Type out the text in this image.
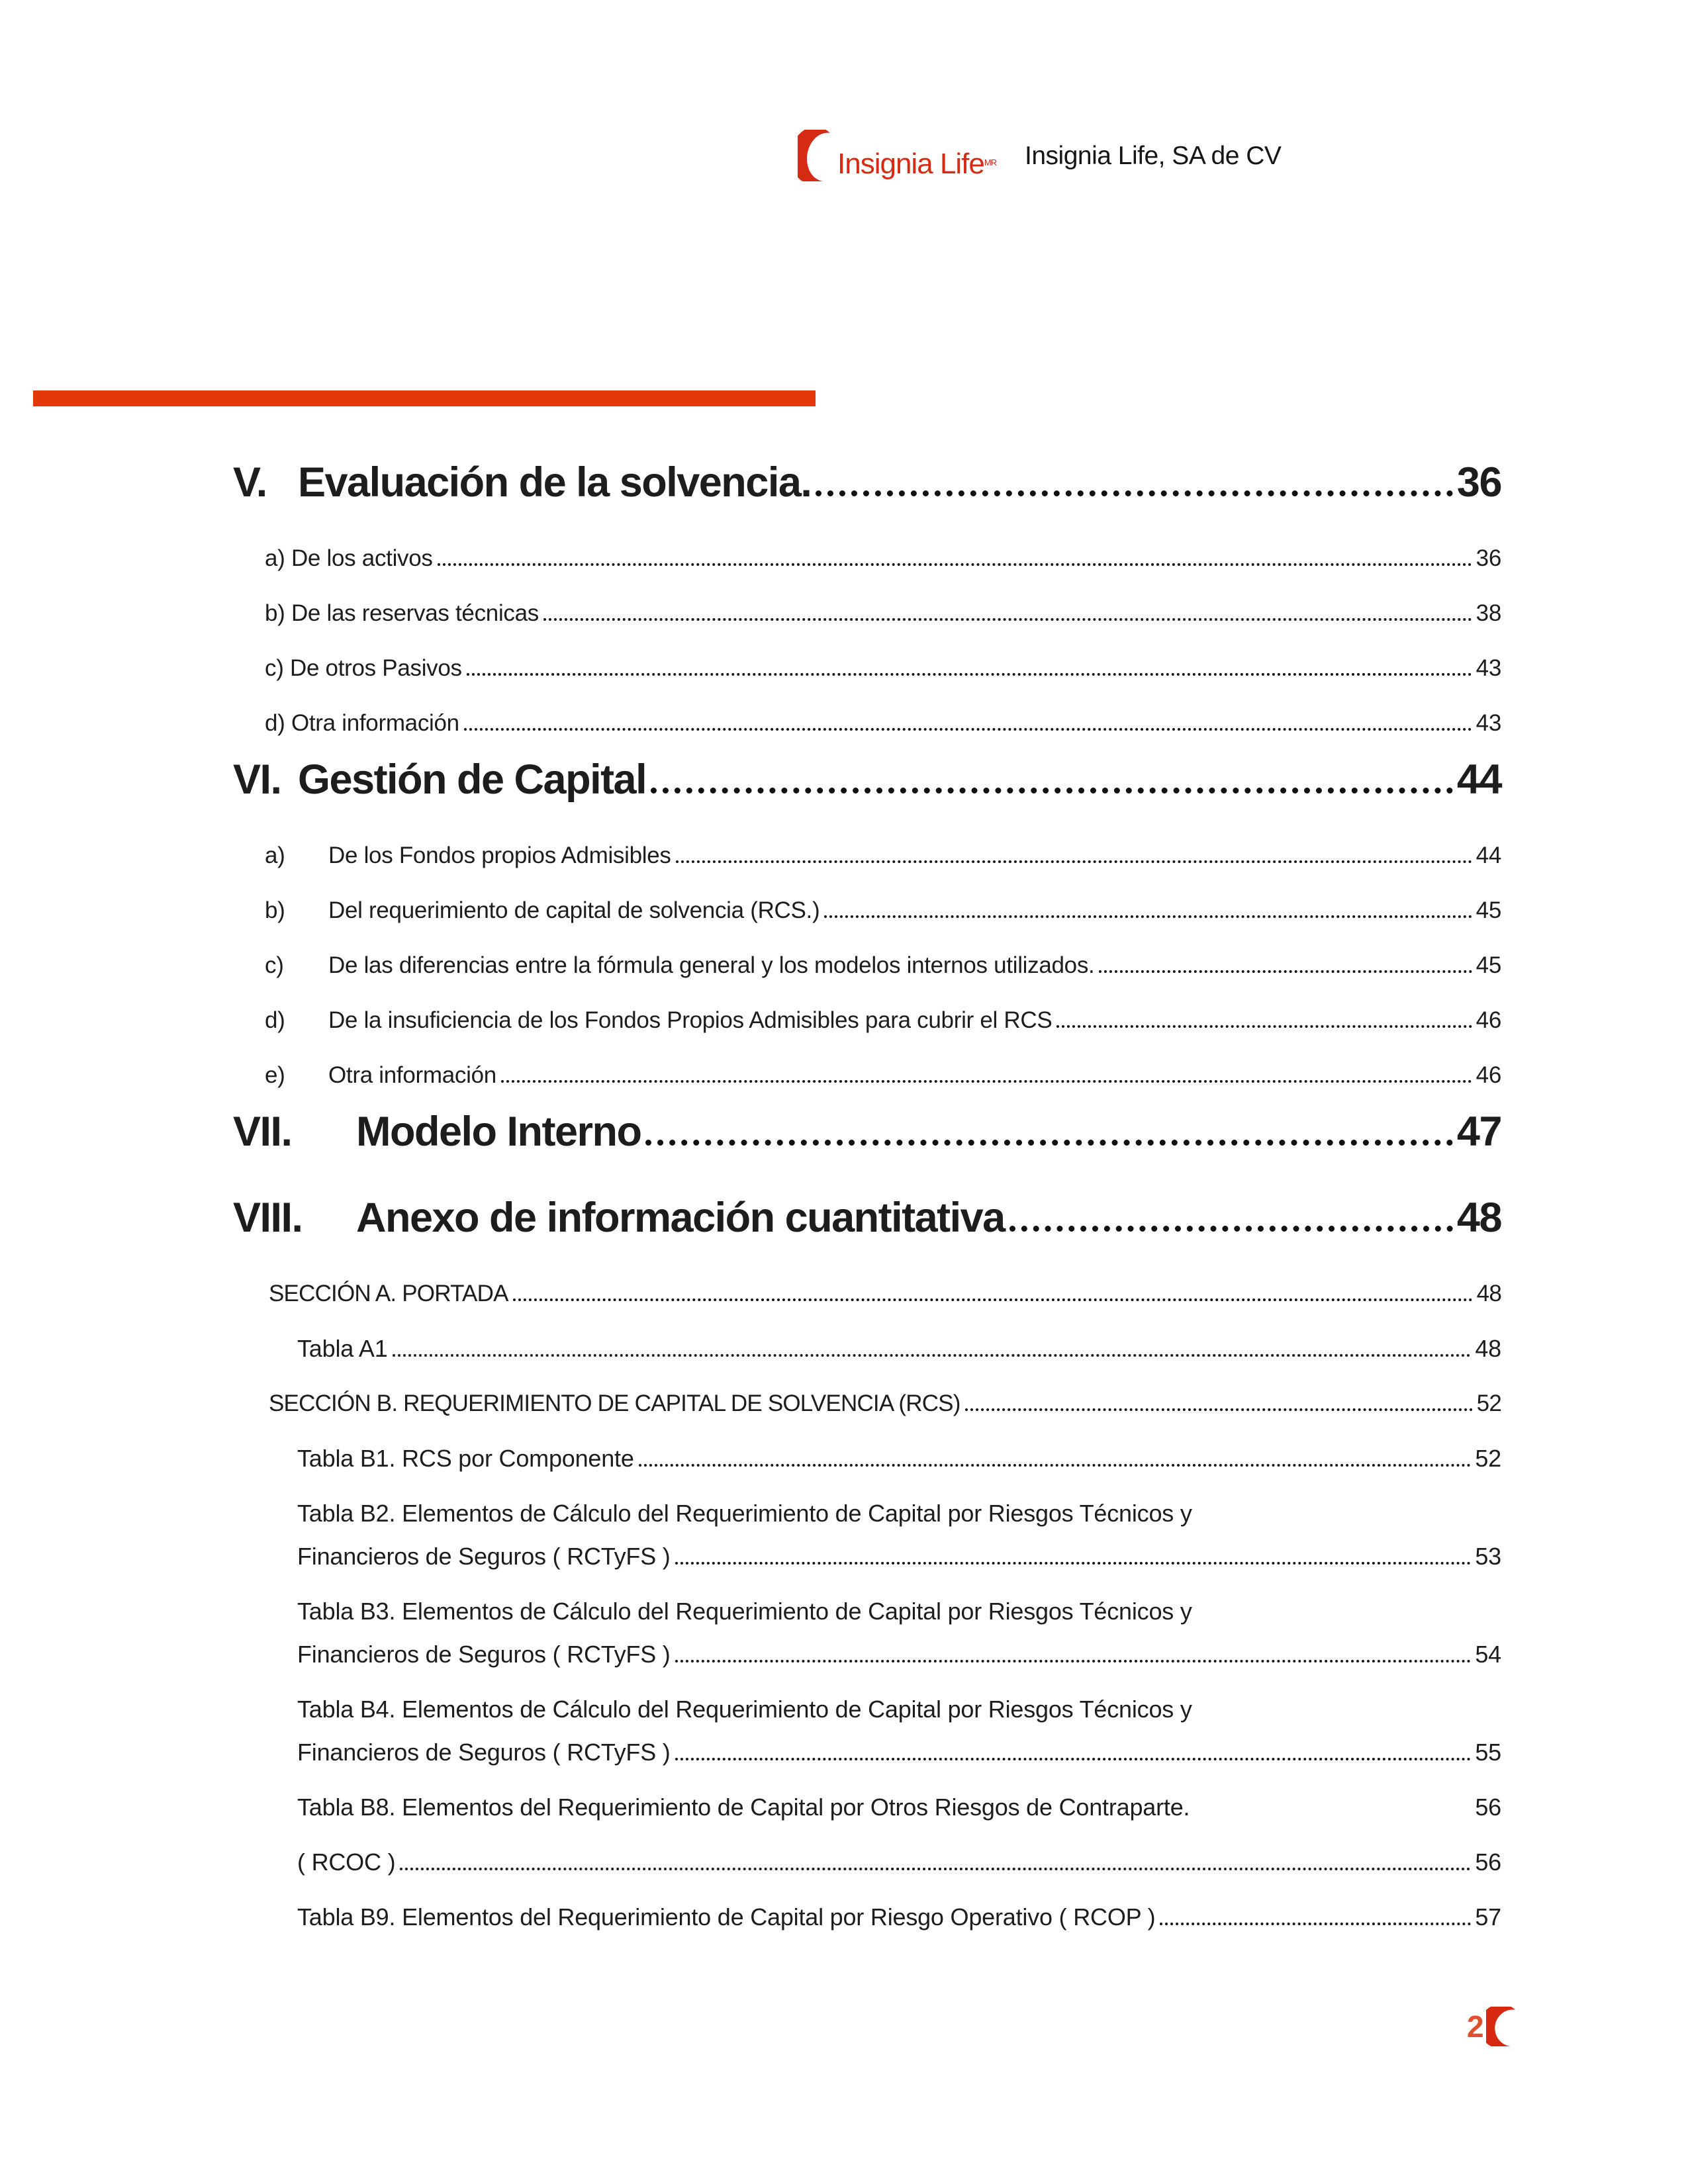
Insignia Life$^{MR}$ Insignia Life, SA de CV
V. Evaluación de la solvencia.	36
a) De los activos	36
b) De las reservas técnicas	38
c) De otros Pasivos	43
d) Otra información	43
VI. Gestión de Capital	44
a)	De los Fondos propios Admisibles	44
b)	Del requerimiento de capital de solvencia (RCS.)	45
c)	De las diferencias entre la fórmula general y los modelos internos utilizados.	45
d)	De la insuficiencia de los Fondos Propios Admisibles para cubrir el RCS	46
e)	Otra información	46
VII.	Modelo Interno	47
VIII.	Anexo de información cuantitativa	48
SECCIÓN A. PORTADA	48
Tabla A1	48
SECCIÓN B. REQUERIMIENTO DE CAPITAL DE SOLVENCIA (RCS)	52
Tabla B1. RCS por Componente	52
Tabla B2. Elementos de Cálculo del Requerimiento de Capital por Riesgos Técnicos y
Financieros de Seguros ( RCTyFS )	53
Tabla B3. Elementos de Cálculo del Requerimiento de Capital por Riesgos Técnicos y
Financieros de Seguros ( RCTyFS )	54
Tabla B4. Elementos de Cálculo del Requerimiento de Capital por Riesgos Técnicos y
Financieros de Seguros ( RCTyFS )	55
Tabla B8. Elementos del Requerimiento de Capital por Otros Riesgos de Contraparte.	56
( RCOC )	56
Tabla B9. Elementos del Requerimiento de Capital por Riesgo Operativo ( RCOP )	57
2
